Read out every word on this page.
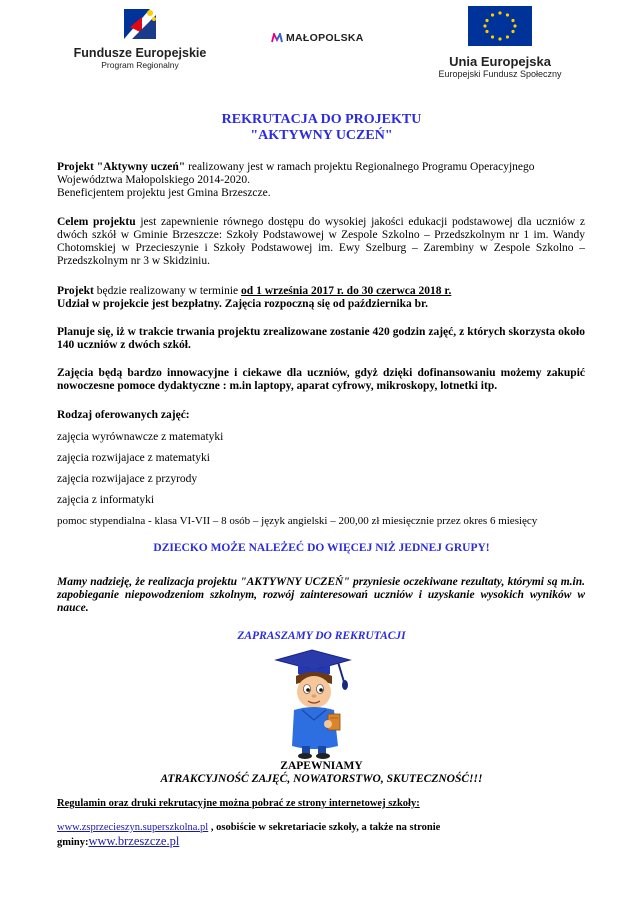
Fundusze Europejskie
Program Regionalny
MAŁOPOLSKA
Unia Europejska
Europejski Fundusz Społeczny
REKRUTACJA DO PROJEKTU
"AKTYWNY UCZEŃ"
Projekt "Aktywny uczeń" realizowany jest w ramach projektu Regionalnego Programu Operacyjnego
Województwa Małopolskiego 2014-2020.
Beneficjentem projektu jest Gmina Brzeszcze.
Celem projektu jest zapewnienie równego dostępu do wysokiej jakości edukacji podstawowej dla uczniów z dwóch szkół w Gminie Brzeszcze: Szkoły Podstawowej w Zespole Szkolno – Przedszkolnym nr 1 im. Wandy Chotomskiej w Przecieszynie i Szkoły Podstawowej im. Ewy Szelburg – Zarembiny w Zespole Szkolno – Przedszkolnym nr 3 w Skidziniu.
Projekt będzie realizowany w terminie od 1 września 2017 r. do 30 czerwca 2018 r.
Udział w projekcie jest bezpłatny. Zajęcia rozpoczną się od października br.
Planuje się, iż w trakcie trwania projektu zrealizowane zostanie 420 godzin zajęć, z których skorzysta około 140 uczniów z dwóch szkół.
Zajęcia będą bardzo innowacyjne i ciekawe dla uczniów, gdyż dzięki dofinansowaniu możemy zakupić nowoczesne pomoce dydaktyczne : m.in laptopy, aparat cyfrowy, mikroskopy, lotnetki itp.
Rodzaj oferowanych zajęć:
zajęcia wyrównawcze z matematyki
zajęcia rozwijajace z matematyki
zajęcia rozwijajace z przyrody
zajęcia z informatyki
pomoc stypendialna - klasa VI-VII – 8 osób – język angielski – 200,00 zł miesięcznie przez okres 6 miesięcy
DZIECKO MOŻE NALEŻEĆ DO WIĘCEJ NIŻ JEDNEJ GRUPY!
Mamy nadzieję, że realizacja projektu "AKTYWNY UCZEŃ" przyniesie oczekiwane rezultaty, którymi są m.in. zapobieganie niepowodzeniom szkolnym, rozwój zainteresowań uczniów i uzyskanie wysokich wyników w nauce.
ZAPRASZAMY DO REKRUTACJI
ZAPEWNIAMY
ATRAKCYJNOŚĆ ZAJĘĆ, NOWATORSTWO, SKUTECZNOŚĆ!!!
Regulamin oraz druki rekrutacyjne można pobrać ze strony internetowej szkoły:
www.zsprzecieszyn.superszkolna.pl , osobiście w sekretariacie szkoły, a także na stronie
gminy:www.brzeszcze.pl
